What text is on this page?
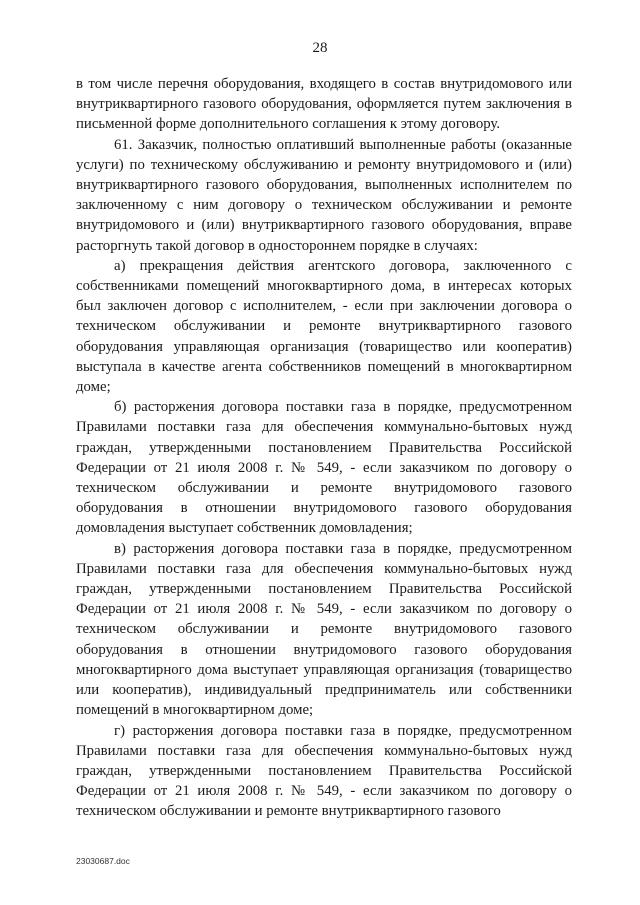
28

в том числе перечня оборудования, входящего в состав внутридомового или внутриквартирного газового оборудования, оформляется путем заключения в письменной форме дополнительного соглашения к этому договору.

61. Заказчик, полностью оплативший выполненные работы (оказанные услуги) по техническому обслуживанию и ремонту внутридомового и (или) внутриквартирного газового оборудования, выполненных исполнителем по заключенному с ним договору о техническом обслуживании и ремонте внутридомового и (или) внутриквартирного газового оборудования, вправе расторгнуть такой договор в одностороннем порядке в случаях:

а) прекращения действия агентского договора, заключенного с собственниками помещений многоквартирного дома, в интересах которых был заключен договор с исполнителем, - если при заключении договора о техническом обслуживании и ремонте внутриквартирного газового оборудования управляющая организация (товарищество или кооператив) выступала в качестве агента собственников помещений в многоквартирном доме;

б) расторжения договора поставки газа в порядке, предусмотренном Правилами поставки газа для обеспечения коммунально-бытовых нужд граждан, утвержденными постановлением Правительства Российской Федерации от 21 июля 2008 г. № 549, - если заказчиком по договору о техническом обслуживании и ремонте внутридомового газового оборудования в отношении внутридомового газового оборудования домовладения выступает собственник домовладения;

в) расторжения договора поставки газа в порядке, предусмотренном Правилами поставки газа для обеспечения коммунально-бытовых нужд граждан, утвержденными постановлением Правительства Российской Федерации от 21 июля 2008 г. № 549, - если заказчиком по договору о техническом обслуживании и ремонте внутридомового газового оборудования в отношении внутридомового газового оборудования многоквартирного дома выступает управляющая организация (товарищество или кооператив), индивидуальный предприниматель или собственники помещений в многоквартирном доме;

г) расторжения договора поставки газа в порядке, предусмотренном Правилами поставки газа для обеспечения коммунально-бытовых нужд граждан, утвержденными постановлением Правительства Российской Федерации от 21 июля 2008 г. № 549, - если заказчиком по договору о техническом обслуживании и ремонте внутриквартирного газового

23030687.doc
